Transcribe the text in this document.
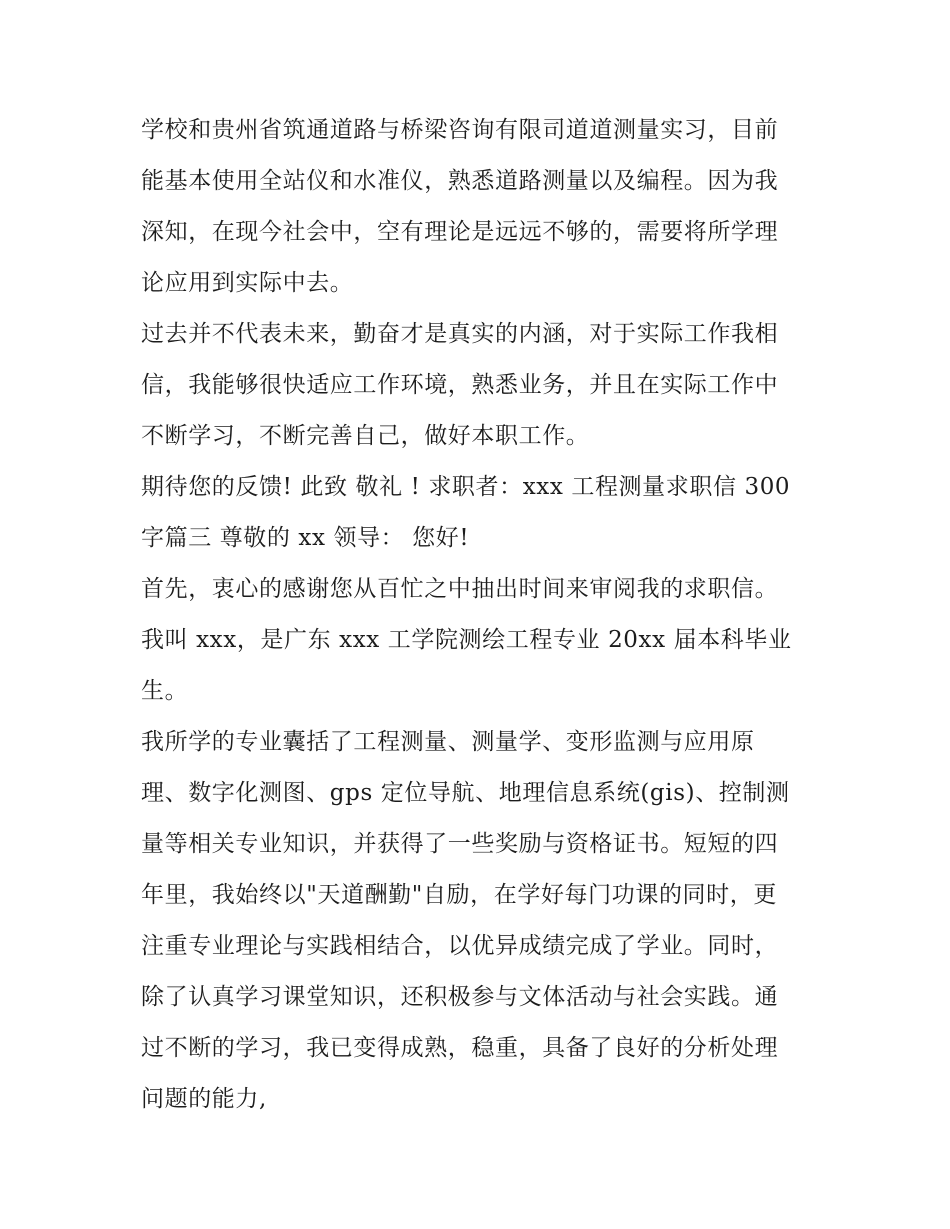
学校和贵州省筑通道路与桥梁咨询有限司道道测量实习，目前
能基本使用全站仪和水准仪，熟悉道路测量以及编程。因为我
深知，在现今社会中，空有理论是远远不够的，需要将所学理
论应用到实际中去。
过去并不代表未来，勤奋才是真实的内涵，对于实际工作我相
信，我能够很快适应工作环境，熟悉业务，并且在实际工作中
不断学习，不断完善自己，做好本职工作。
期待您的反馈! 此致 敬礼 ! 求职者：xxx 工程测量求职信 300
字篇三 尊敬的 xx 领导： 您好!
首先，衷心的感谢您从百忙之中抽出时间来审阅我的求职信。
我叫 xxx，是广东 xxx 工学院测绘工程专业 20xx 届本科毕业
生。
我所学的专业囊括了工程测量、测量学、变形监测与应用原
理、数字化测图、gps 定位导航、地理信息系统(gis)、控制测
量等相关专业知识，并获得了一些奖励与资格证书。短短的四
年里，我始终以"天道酬勤"自励，在学好每门功课的同时，更
注重专业理论与实践相结合，以优异成绩完成了学业。同时，
除了认真学习课堂知识，还积极参与文体活动与社会实践。通
过不断的学习，我已变得成熟，稳重，具备了良好的分析处理
问题的能力,
